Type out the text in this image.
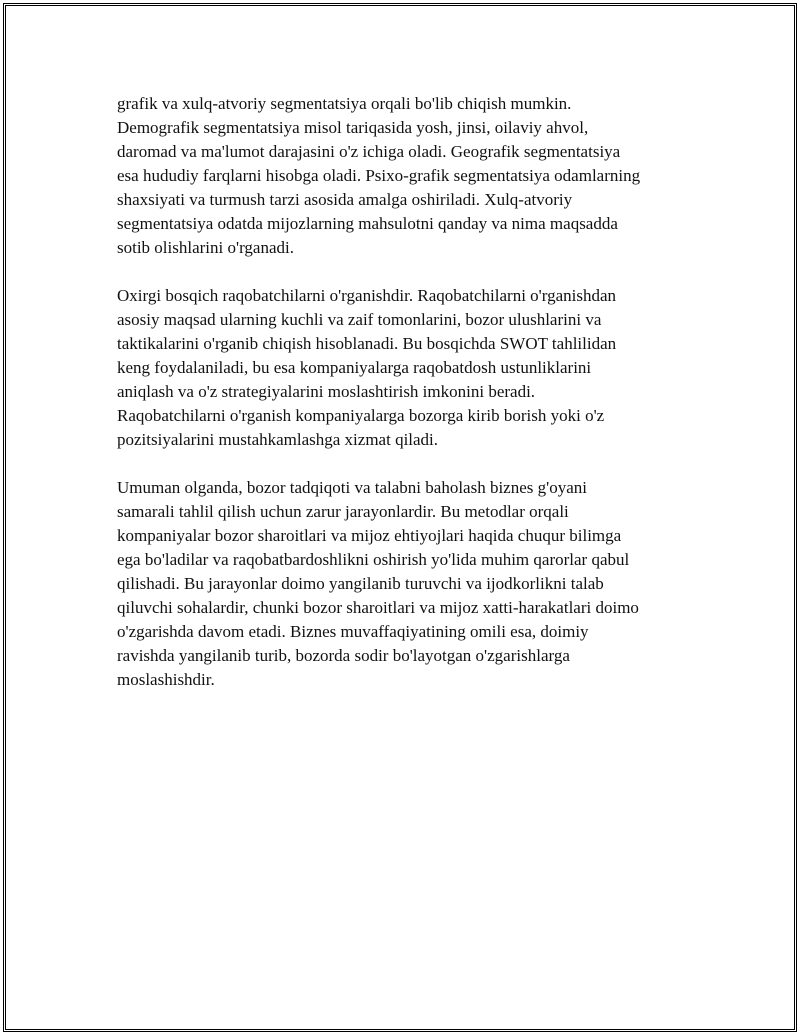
grafik va xulq-atvoriy segmentatsiya orqali bo'lib chiqish mumkin.
Demografik segmentatsiya misol tariqasida yosh, jinsi, oilaviy ahvol,
daromad va ma'lumot darajasini o'z ichiga oladi. Geografik segmentatsiya
esa hududiy farqlarni hisobga oladi. Psixo-grafik segmentatsiya odamlarning
shaxsiyati va turmush tarzi asosida amalga oshiriladi. Xulq-atvoriy
segmentatsiya odatda mijozlarning mahsulotni qanday va nima maqsadda
sotib olishlarini o'rganadi.

Oxirgi bosqich raqobatchilarni o'rganishdir. Raqobatchilarni o'rganishdan
asosiy maqsad ularning kuchli va zaif tomonlarini, bozor ulushlarini va
taktikalarini o'rganib chiqish hisoblanadi. Bu bosqichda SWOT tahlilidan
keng foydalaniladi, bu esa kompaniyalarga raqobatdosh ustunliklarini
aniqlash va o'z strategiyalarini moslashtirish imkonini beradi.
Raqobatchilarni o'rganish kompaniyalarga bozorga kirib borish yoki o'z
pozitsiyalarini mustahkamlashga xizmat qiladi.

Umuman olganda, bozor tadqiqoti va talabni baholash biznes g'oyani
samarali tahlil qilish uchun zarur jarayonlardir. Bu metodlar orqali
kompaniyalar bozor sharoitlari va mijoz ehtiyojlari haqida chuqur bilimga
ega bo'ladilar va raqobatbardoshlikni oshirish yo'lida muhim qarorlar qabul
qilishadi. Bu jarayonlar doimo yangilanib turuvchi va ijodkorlikni talab
qiluvchi sohalardir, chunki bozor sharoitlari va mijoz xatti-harakatlari doimo
o'zgarishda davom etadi. Biznes muvaffaqiyatining omili esa, doimiy
ravishda yangilanib turib, bozorda sodir bo'layotgan o'zgarishlarga
moslashishdir.
